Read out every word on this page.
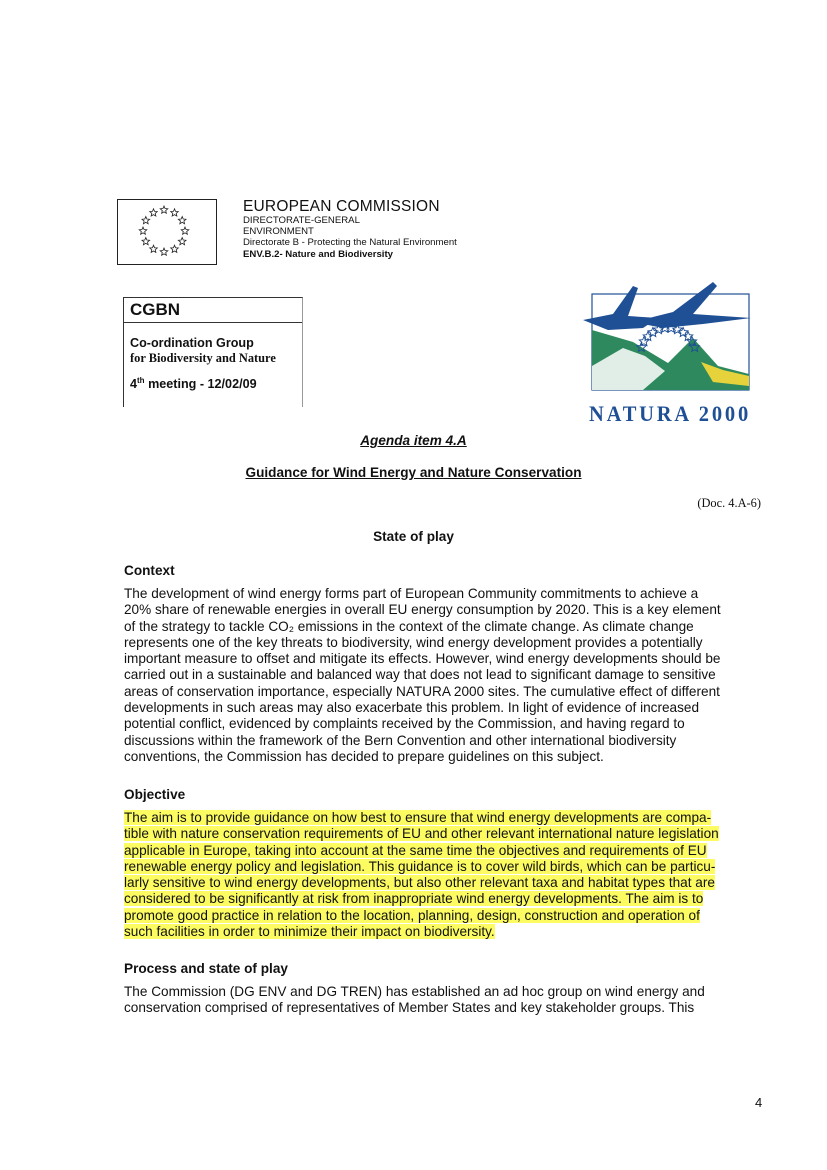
EUROPEAN COMMISSION
DIRECTORATE-GENERAL
ENVIRONMENT
Directorate B - Protecting the Natural Environment
ENV.B.2- Nature and Biodiversity
CGBN
Co-ordination Group
for Biodiversity and Nature
4th meeting - 12/02/09
NATURA 2000
Agenda item 4.A
Guidance for Wind Energy and Nature Conservation
(Doc. 4.A-6)
State of play
Context
The development of wind energy forms part of European Community commitments to achieve a
20% share of renewable energies in overall EU energy consumption by 2020. This is a key element
of the strategy to tackle CO₂ emissions in the context of the climate change. As climate change
represents one of the key threats to biodiversity, wind energy development provides a potentially
important measure to offset and mitigate its effects. However, wind energy developments should be
carried out in a sustainable and balanced way that does not lead to significant damage to sensitive
areas of conservation importance, especially NATURA 2000 sites. The cumulative effect of different
developments in such areas may also exacerbate this problem. In light of evidence of increased
potential conflict, evidenced by complaints received by the Commission, and having regard to
discussions within the framework of the Bern Convention and other international biodiversity
conventions, the Commission has decided to prepare guidelines on this subject.
Objective
The aim is to provide guidance on how best to ensure that wind energy developments are compa-
tible with nature conservation requirements of EU and other relevant international nature legislation
applicable in Europe, taking into account at the same time the objectives and requirements of EU
renewable energy policy and legislation. This guidance is to cover wild birds, which can be particu-
larly sensitive to wind energy developments, but also other relevant taxa and habitat types that are
considered to be significantly at risk from inappropriate wind energy developments. The aim is to
promote good practice in relation to the location, planning, design, construction and operation of
such facilities in order to minimize their impact on biodiversity.
Process and state of play
The Commission (DG ENV and DG TREN) has established an ad hoc group on wind energy and
conservation comprised of representatives of Member States and key stakeholder groups. This
4
